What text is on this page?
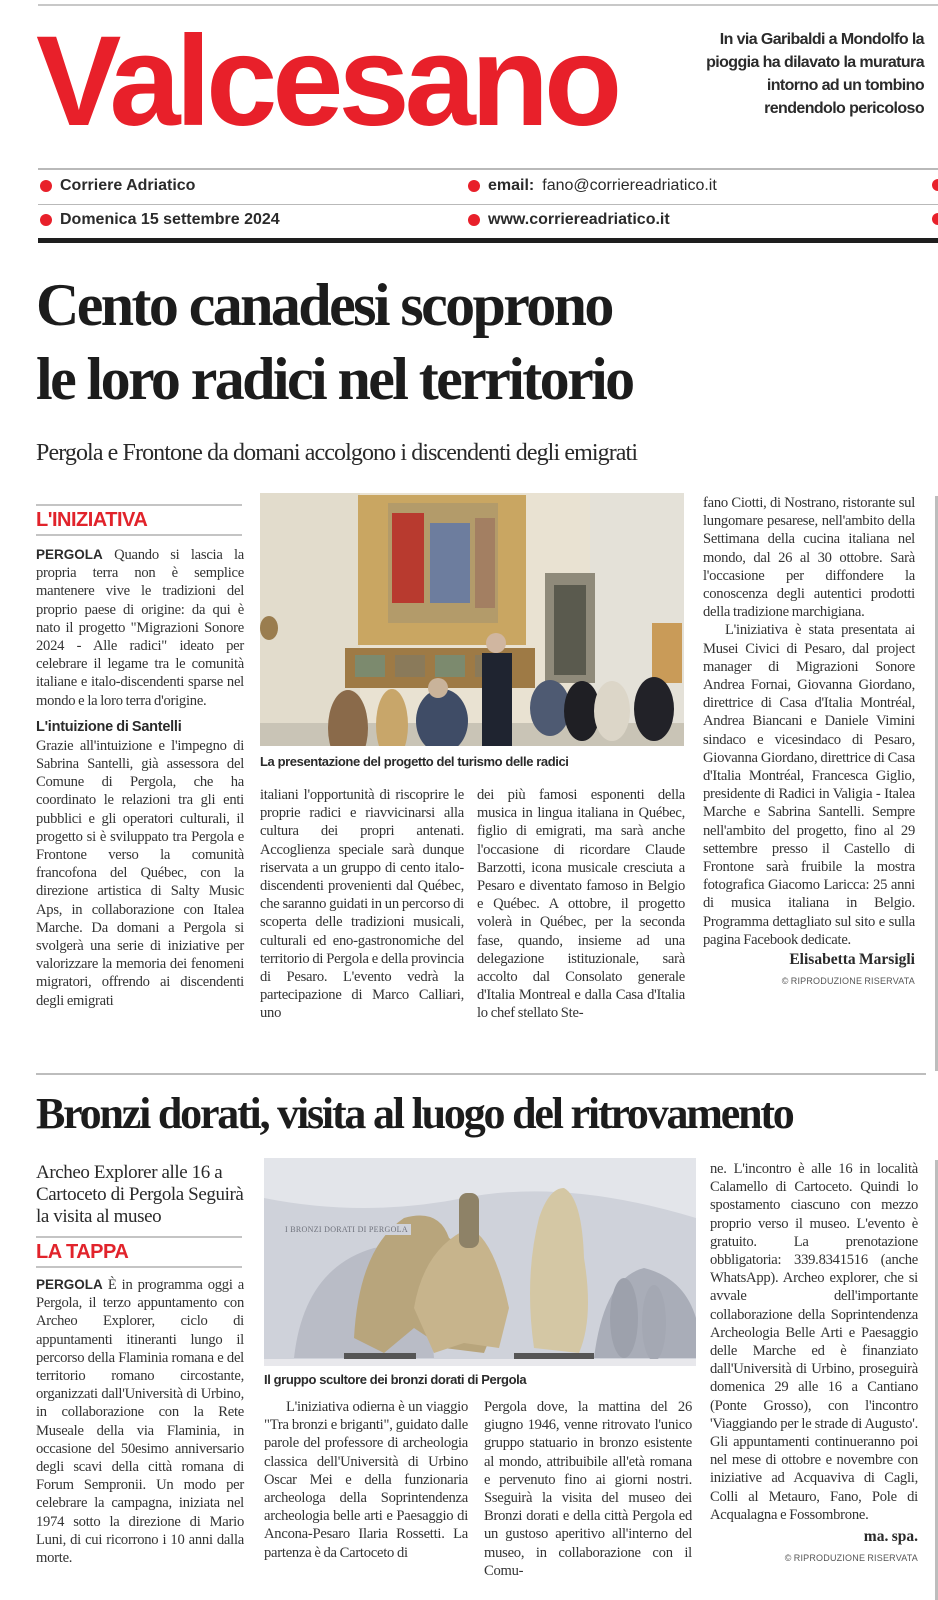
Valcesano	In via Garibaldi a Mondolfo la pioggia ha dilavato la muratura intorno ad un tombino rendendolo pericoloso
Corriere Adriatico
Domenica 15 settembre 2024
email: fano@corriereadriatico.it
www.corriereadriatico.it
Cento canadesi scoprono
le loro radici nel territorio
Pergola e Frontone da domani accolgono i discendenti degli emigrati
L'INIZIATIVA

PERGOLA Quando si lascia la propria terra non è semplice mantenere vive le tradizioni del proprio paese di origine: da qui è nato il progetto "Migrazioni Sonore 2024 - Alle radici" ideato per celebrare il legame tra le comunità italiane e italo-discendenti sparse nel mondo e la loro terra d'origine.

L'intuizione di Santelli

Grazie all'intuizione e l'impegno di Sabrina Santelli, già assessora del Comune di Pergola, che ha coordinato le relazioni tra gli enti pubblici e gli operatori culturali, il progetto si è sviluppato tra Pergola e Frontone verso la comunità francofona del Québec, con la direzione artistica di Salty Music Aps, in collaborazione con Italea Marche. Da domani a Pergola si svolgerà una serie di iniziative per valorizzare la memoria dei fenomeni migratori, offrendo ai discendenti degli emigrati

La presentazione del progetto del turismo delle radici

italiani l'opportunità di riscoprire le proprie radici e riavvicinarsi alla cultura dei propri antenati. Accoglienza speciale sarà dunque riservata a un gruppo di cento italo-discendenti provenienti dal Québec, che saranno guidati in un percorso di scoperta delle tradizioni musicali, culturali ed eno-gastronomiche del territorio di Pergola e della provincia di Pesaro. L'evento vedrà la partecipazione di Marco Calliari, uno

dei più famosi esponenti della musica in lingua italiana in Québec, figlio di emigrati, ma sarà anche l'occasione di ricordare Claude Barzotti, icona musicale cresciuta a Pesaro e diventato famoso in Belgio e Québec. A ottobre, il progetto volerà in Québec, per la seconda fase, quando, insieme ad una delegazione istituzionale, sarà accolto dal Consolato generale d'Italia Montreal e dalla Casa d'Italia lo chef stellato Ste-

fano Ciotti, di Nostrano, ristorante sul lungomare pesarese, nell'ambito della Settimana della cucina italiana nel mondo, dal 26 al 30 ottobre. Sarà l'occasione per diffondere la conoscenza degli autentici prodotti della tradizione marchigiana.

L'iniziativa è stata presentata ai Musei Civici di Pesaro, dal project manager di Migrazioni Sonore Andrea Fornai, Giovanna Giordano, direttrice di Casa d'Italia Montréal, Andrea Biancani e Daniele Vimini sindaco e vicesindaco di Pesaro, Giovanna Giordano, direttrice di Casa d'Italia Montréal, Francesca Giglio, presidente di Radici in Valigia - Italea Marche e Sabrina Santelli. Sempre nell'ambito del progetto, fino al 29 settembre presso il Castello di Frontone sarà fruibile la mostra fotografica Giacomo Laricca: 25 anni di musica italiana in Belgio. Programma dettagliato sul sito e sulla pagina Facebook dedicate.

Elisabetta Marsigli
© RIPRODUZIONE RISERVATA
Bronzi dorati, visita al luogo del ritrovamento
Archeo Explorer alle 16 a Cartoceto di Pergola Seguirà la visita al museo
LA TAPPA

PERGOLA È in programma oggi a Pergola, il terzo appuntamento con Archeo Explorer, ciclo di appuntamenti itineranti lungo il percorso della Flaminia romana e del territorio romano circostante, organizzati dall'Università di Urbino, in collaborazione con la Rete Museale della via Flaminia, in occasione del 50esimo anniversario degli scavi della città romana di Forum Sempronii. Un modo per celebrare la campagna, iniziata nel 1974 sotto la direzione di Mario Luni, di cui ricorrono i 10 anni dalla morte.

I BRONZI DORATI DI PERGOLA
Il gruppo scultore dei bronzi dorati di Pergola

L'iniziativa odierna è un viaggio "Tra bronzi e briganti", guidato dalle parole del professore di archeologia classica dell'Università di Urbino Oscar Mei e della funzionaria archeologa della Soprintendenza archeologia belle arti e Paesaggio di Ancona-Pesaro Ilaria Rossetti. La partenza è da Cartoceto di

Pergola dove, la mattina del 26 giugno 1946, venne ritrovato l'unico gruppo statuario in bronzo esistente al mondo, attribuibile all'età romana e pervenuto fino ai giorni nostri. Sseguirà la visita del museo dei Bronzi dorati e della città Pergola ed un gustoso aperitivo all'interno del museo, in collaborazione con il Comu-

ne. L'incontro è alle 16 in località Calamello di Cartoceto. Quindi lo spostamento ciascuno con mezzo proprio verso il museo. L'evento è gratuito. La prenotazione obbligatoria: 339.8341516 (anche WhatsApp). Archeo explorer, che si avvale dell'importante collaborazione della Soprintendenza Archeologia Belle Arti e Paesaggio delle Marche ed è finanziato dall'Università di Urbino, proseguirà domenica 29 alle 16 a Cantiano (Ponte Grosso), con l'incontro 'Viaggiando per le strade di Augusto'. Gli appuntamenti continueranno poi nel mese di ottobre e novembre con iniziative ad Acquaviva di Cagli, Colli al Metauro, Fano, Pole di Acqualagna e Fossombrone.

ma. spa.
© RIPRODUZIONE RISERVATA
